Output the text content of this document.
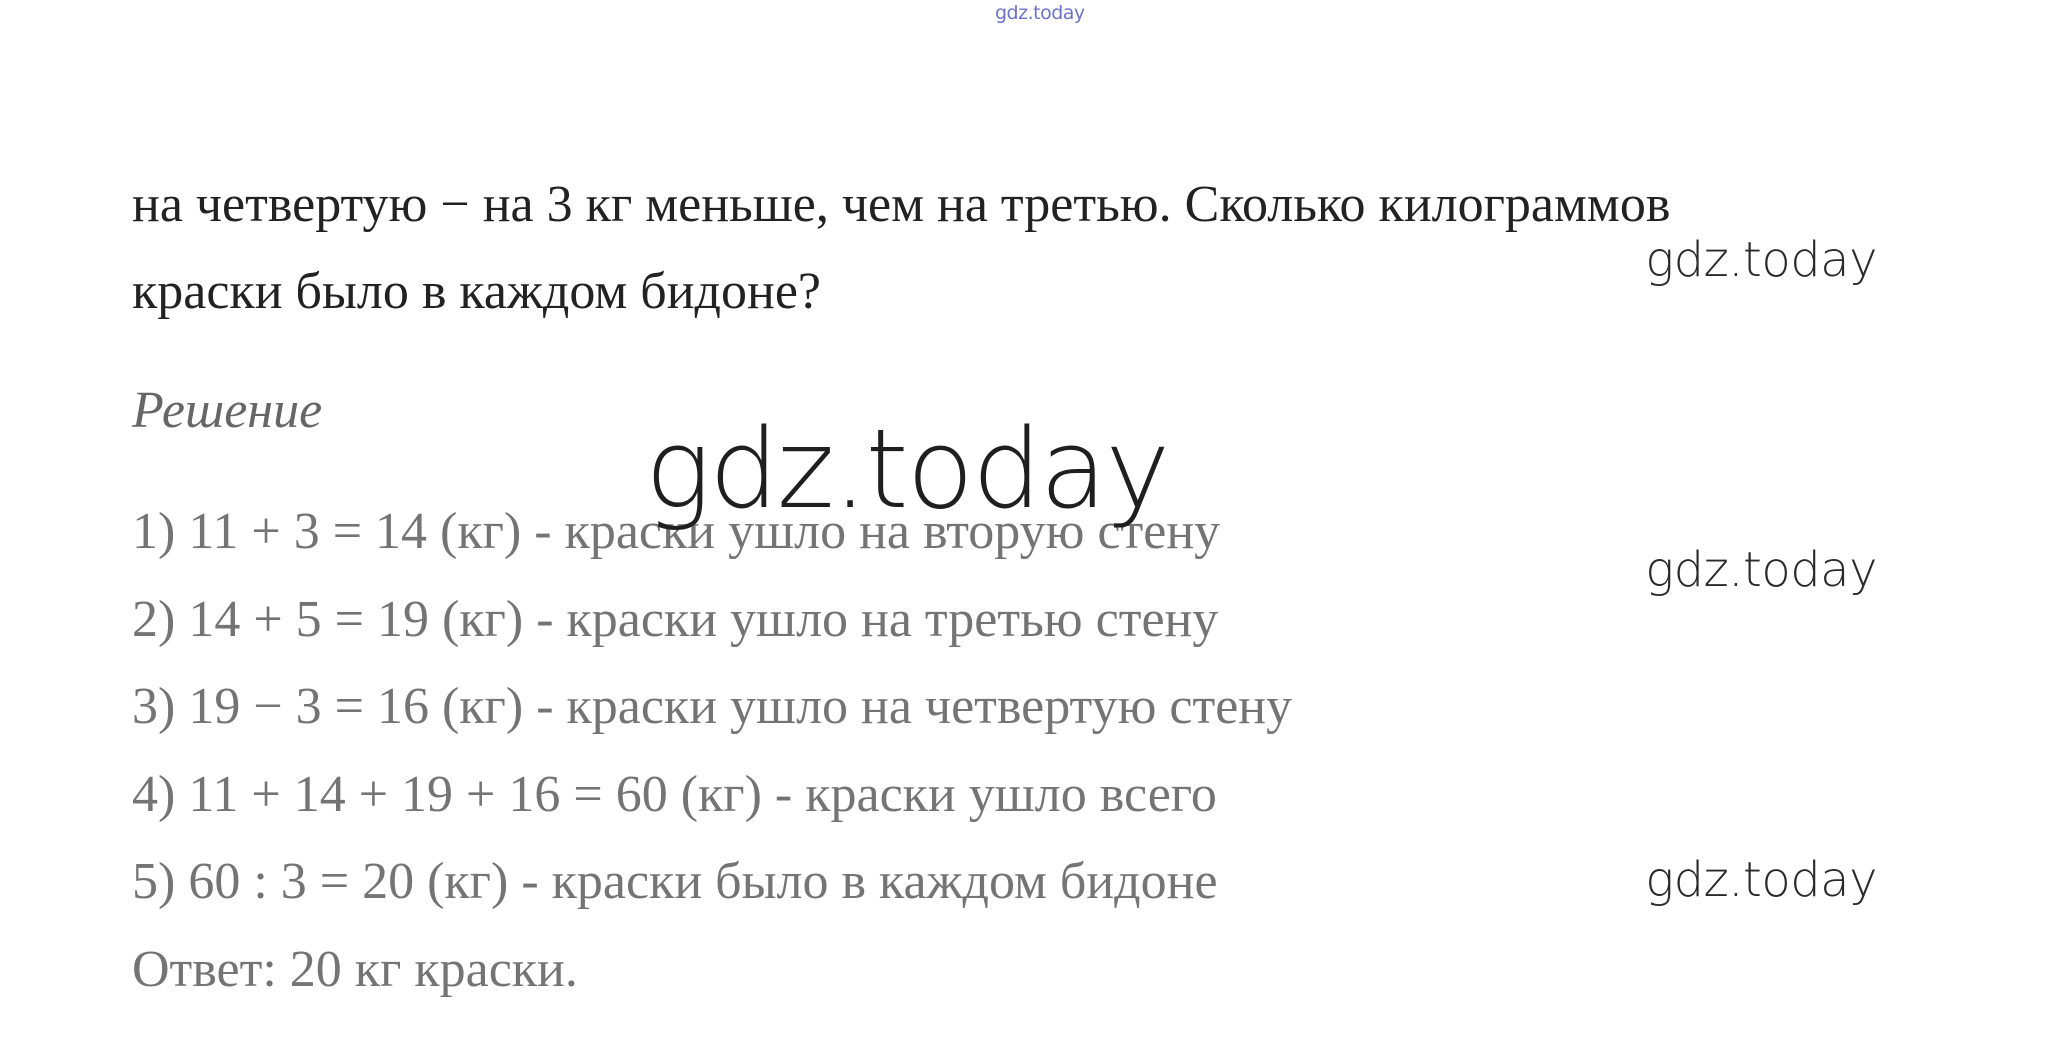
gdz.today
на четвертую − на 3 кг меньше, чем на третью. Сколько килограммов
краски было в каждом бидоне?
Решение
1) 11 + 3 = 14 (кг) - краски ушло на вторую стену
2) 14 + 5 = 19 (кг) - краски ушло на третью стену
3) 19 − 3 = 16 (кг) - краски ушло на четвертую стену
4) 11 + 14 + 19 + 16 = 60 (кг) - краски ушло всего
5) 60 : 3 = 20 (кг) - краски было в каждом бидоне
Ответ: 20 кг краски.
gdz.today
gdz.today
gdz.today
gdz.today
